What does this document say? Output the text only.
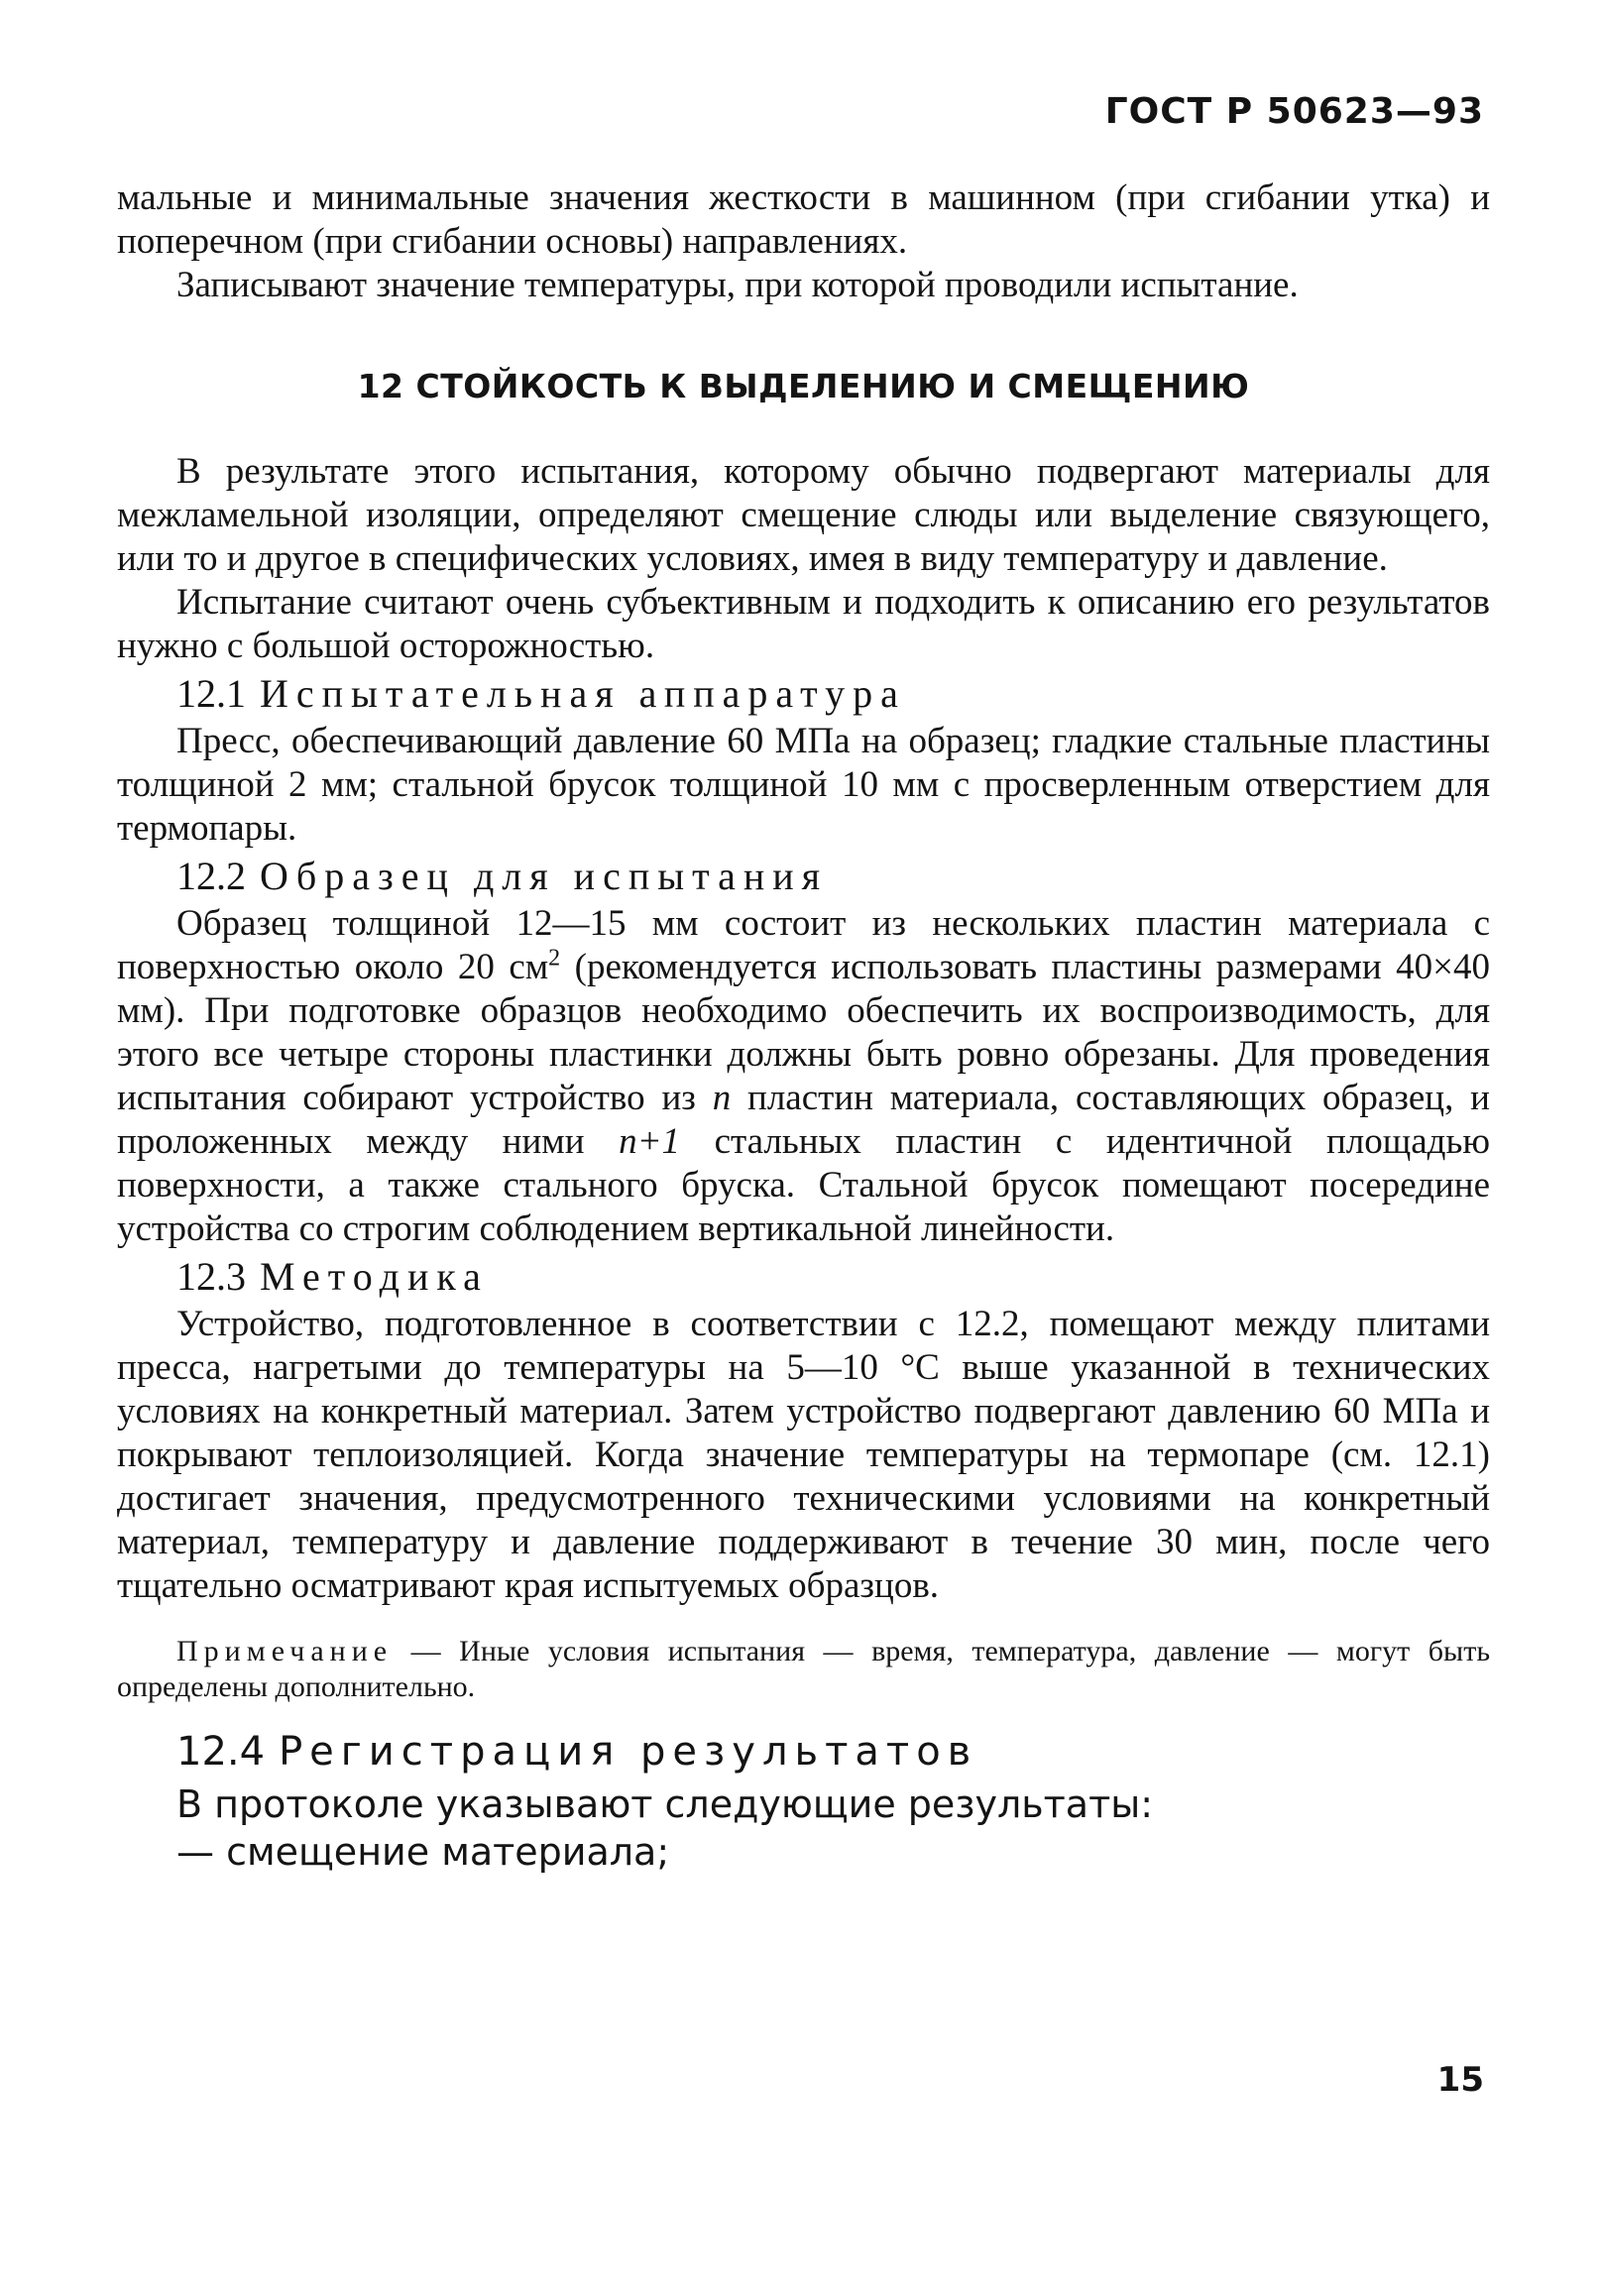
ГОСТ Р 50623—93

мальные и минимальные значения жесткости в машинном (при сгибании утка) и поперечном (при сгибании основы) направлениях.

Записывают значение температуры, при которой проводили испытание.

12 СТОЙКОСТЬ К ВЫДЕЛЕНИЮ И СМЕЩЕНИЮ

В результате этого испытания, которому обычно подвергают материалы для межламельной изоляции, определяют смещение слюды или выделение связующего, или то и другое в специфических условиях, имея в виду температуру и давление.

Испытание считают очень субъективным и подходить к описанию его результатов нужно с большой осторожностью.

12.1 Испытательная аппаратура

Пресс, обеспечивающий давление 60 МПа на образец; гладкие стальные пластины толщиной 2 мм; стальной брусок толщиной 10 мм с просверленным отверстием для термопары.

12.2 Образец для испытания

Образец толщиной 12—15 мм состоит из нескольких пластин материала с поверхностью около 20 $см^2$ (рекомендуется использовать пластины размерами 40×40 мм). При подготовке образцов необходимо обеспечить их воспроизводимость, для этого все четыре стороны пластинки должны быть ровно обрезаны. Для проведения испытания собирают устройство из n пластин материала, составляющих образец, и проложенных между ними n+1 стальных пластин с идентичной площадью поверхности, а также стального бруска. Стальной брусок помещают посередине устройства со строгим соблюдением вертикальной линейности.

12.3 Методика

Устройство, подготовленное в соответствии с 12.2, помещают между плитами пресса, нагретыми до температуры на 5—10 °С выше указанной в технических условиях на конкретный материал. Затем устройство подвергают давлению 60 МПа и покрывают теплоизоляцией. Когда значение температуры на термопаре (см. 12.1) достигает значения, предусмотренного техническими условиями на конкретный материал, температуру и давление поддерживают в течение 30 мин, после чего тщательно осматривают края испытуемых образцов.

Примечание — Иные условия испытания — время, температура, давление — могут быть определены дополнительно.

12.4 Регистрация результатов
В протоколе указывают следующие результаты:
— смещение материала;
15
